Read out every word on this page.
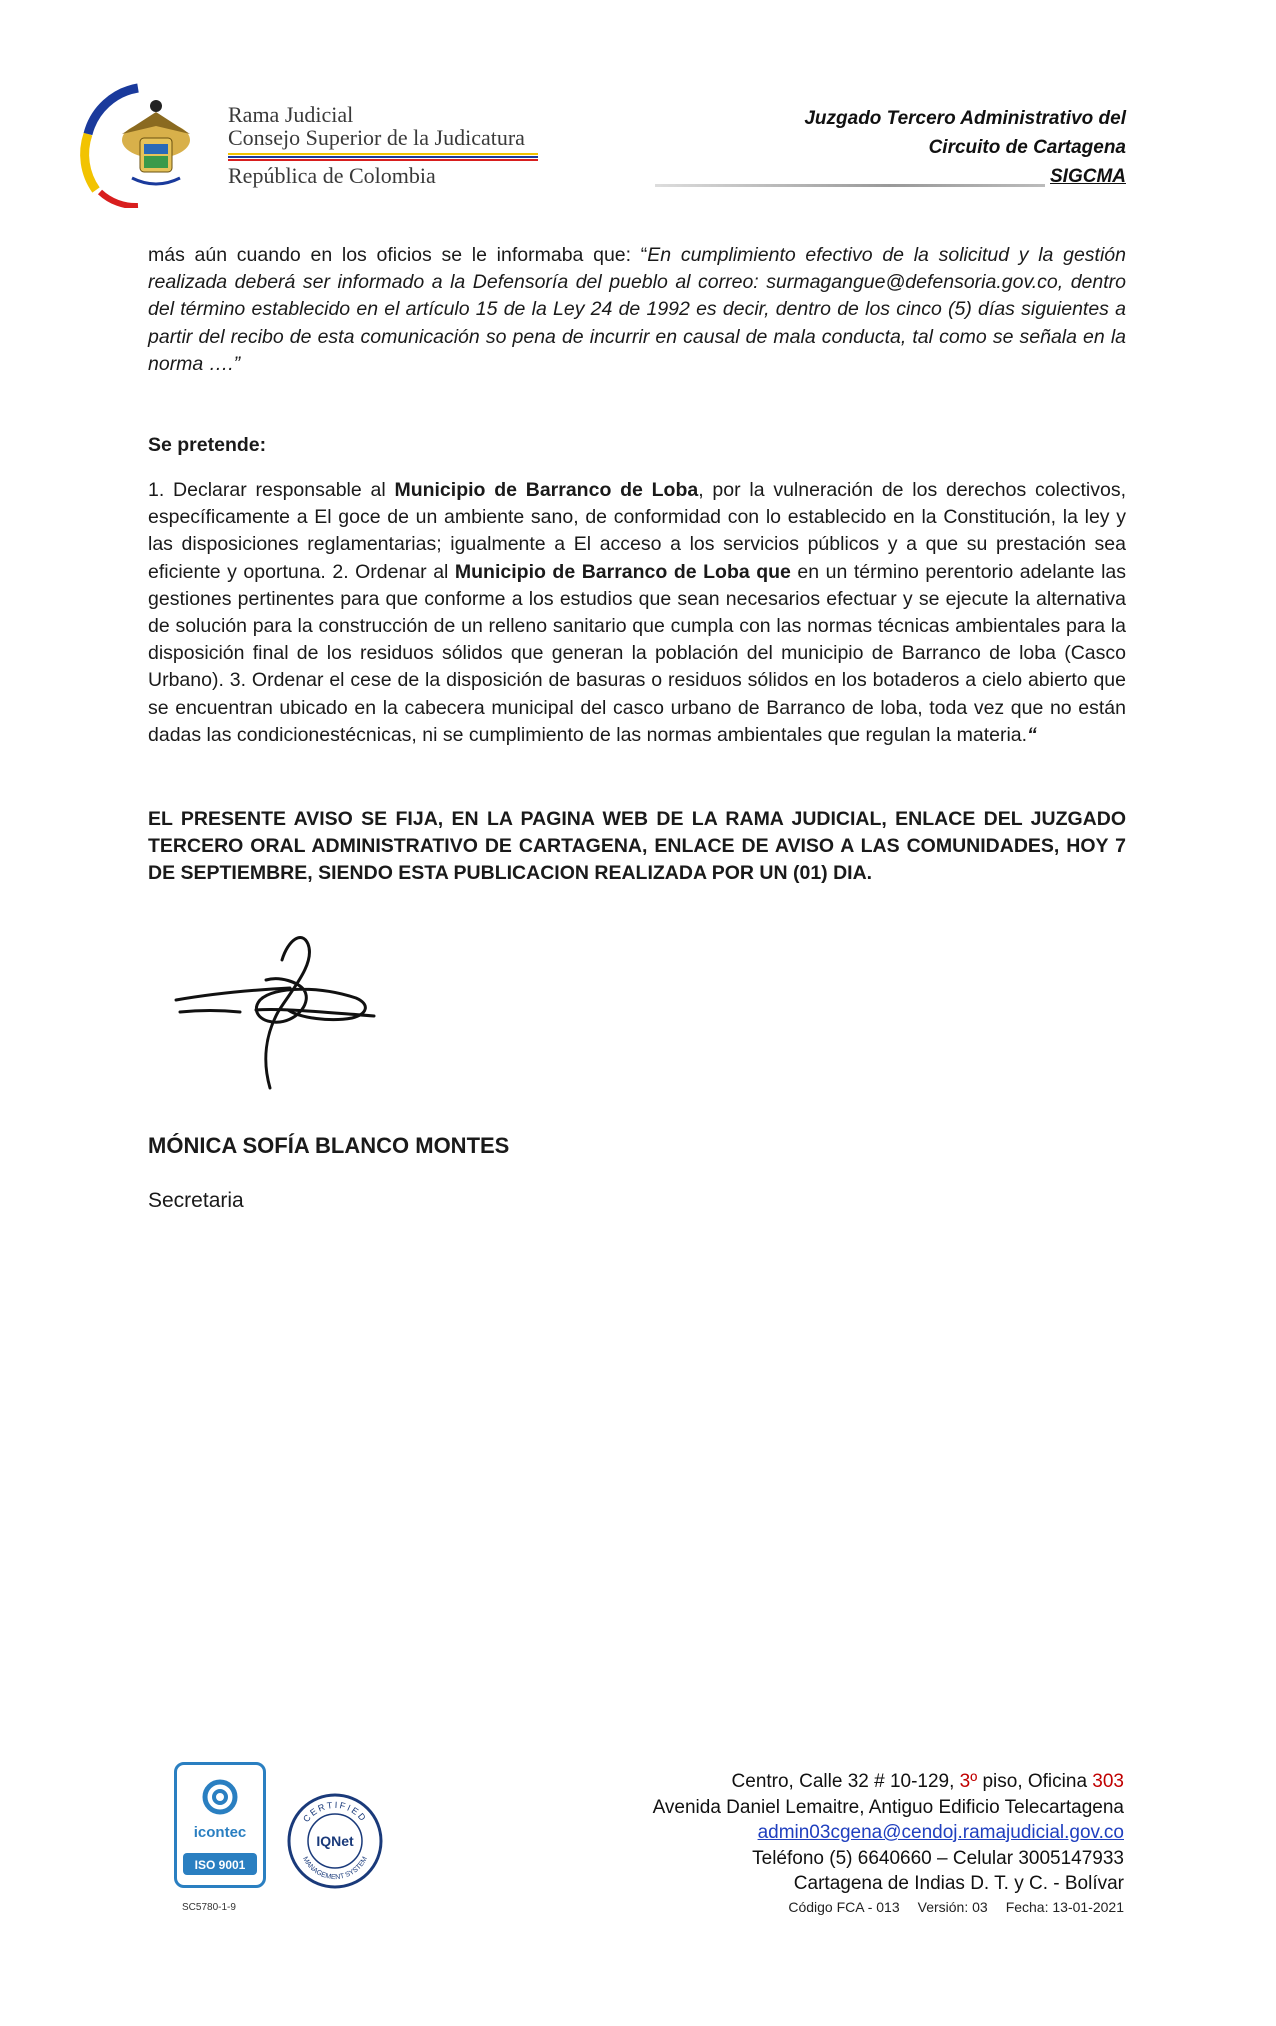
Rama Judicial
Consejo Superior de la Judicatura
República de Colombia
Juzgado Tercero Administrativo del
Circuito de Cartagena
SIGCMA
más aún cuando en los oficios se le informaba que: “En cumplimiento efectivo de la solicitud y la gestión realizada deberá ser informado a la Defensoría del pueblo al correo: surmagangue@defensoria.gov.co, dentro del término establecido en el artículo 15 de la Ley 24 de 1992 es decir, dentro de los cinco (5) días siguientes a partir del recibo de esta comunicación so pena de incurrir en causal de mala conducta, tal como se señala en la norma ….”
Se pretende:
1. Declarar responsable al Municipio de Barranco de Loba, por la vulneración de los derechos colectivos, específicamente a El goce de un ambiente sano, de conformidad con lo establecido en la Constitución, la ley y las disposiciones reglamentarias; igualmente a El acceso a los servicios públicos y a que su prestación sea eficiente y oportuna. 2. Ordenar al Municipio de Barranco de Loba que en un término perentorio adelante las gestiones pertinentes para que conforme a los estudios que sean necesarios efectuar y se ejecute la alternativa de solución para la construcción de un relleno sanitario que cumpla con las normas técnicas ambientales para la disposición final de los residuos sólidos que generan la población del municipio de Barranco de loba (Casco Urbano). 3. Ordenar el cese de la disposición de basuras o residuos sólidos en los botaderos a cielo abierto que se encuentran ubicado en la cabecera municipal del casco urbano de Barranco de loba, toda vez que no están dadas las condicionestécnicas, ni se cumplimiento de las normas ambientales que regulan la materia.“
EL PRESENTE AVISO SE FIJA, EN LA PAGINA WEB DE LA RAMA JUDICIAL, ENLACE DEL JUZGADO TERCERO ORAL ADMINISTRATIVO DE CARTAGENA, ENLACE DE AVISO A LAS COMUNIDADES, HOY 7 DE SEPTIEMBRE, SIENDO ESTA PUBLICACION REALIZADA POR UN (01) DIA.
MÓNICA SOFÍA BLANCO MONTES
Secretaria
icontec
ISO 9001
CERTIFIED
MANAGEMENT SYSTEM
IQNet
SC5780-1-9
Centro, Calle 32 # 10-129, 3º piso, Oficina 303
Avenida Daniel Lemaitre, Antiguo Edificio Telecartagena
admin03cgena@cendoj.ramajudicial.gov.co
Teléfono (5) 6640660 – Celular 3005147933
Cartagena de Indias D. T. y C. - Bolívar
Código FCA - 013 Versión: 03 Fecha: 13-01-2021
